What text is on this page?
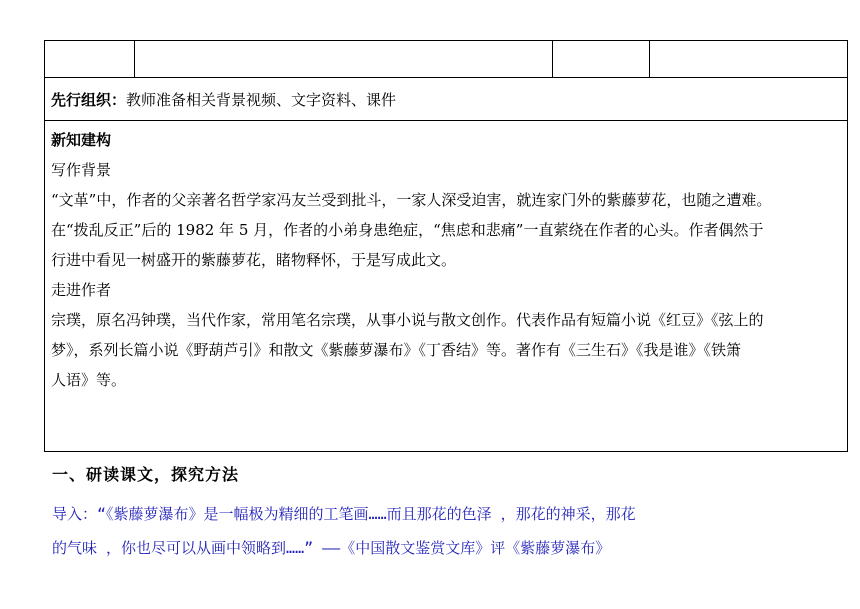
先行组织：教师准备相关背景视频、文字资料、课件

新知建构

写作背景

“文革”中，作者的父亲著名哲学家冯友兰受到批斗，一家人深受迫害，就连家门外的紫藤萝花，也随之遭难。

在“拨乱反正”后的 1982 年 5 月，作者的小弟身患绝症，“焦虑和悲痛”一直萦绕在作者的心头。作者偶然于

行进中看见一树盛开的紫藤萝花，睹物释怀，于是写成此文。

走进作者

宗璞，原名冯钟璞，当代作家，常用笔名宗璞，从事小说与散文创作。代表作品有短篇小说《红豆》《弦上的

梦》，系列长篇小说《野葫芦引》和散文《紫藤萝瀑布》《丁香结》等。著作有《三生石》《我是谁》《铁箫

人语》等。

一、研读课文，探究方法

导入：“《紫藤萝瀑布》是一幅极为精细的工笔画……而且那花的色泽 ，那花的神采，那花

的气味 ，你也尽可以从画中领略到……” ——《中国散文鉴赏文库》评《紫藤萝瀑布》
